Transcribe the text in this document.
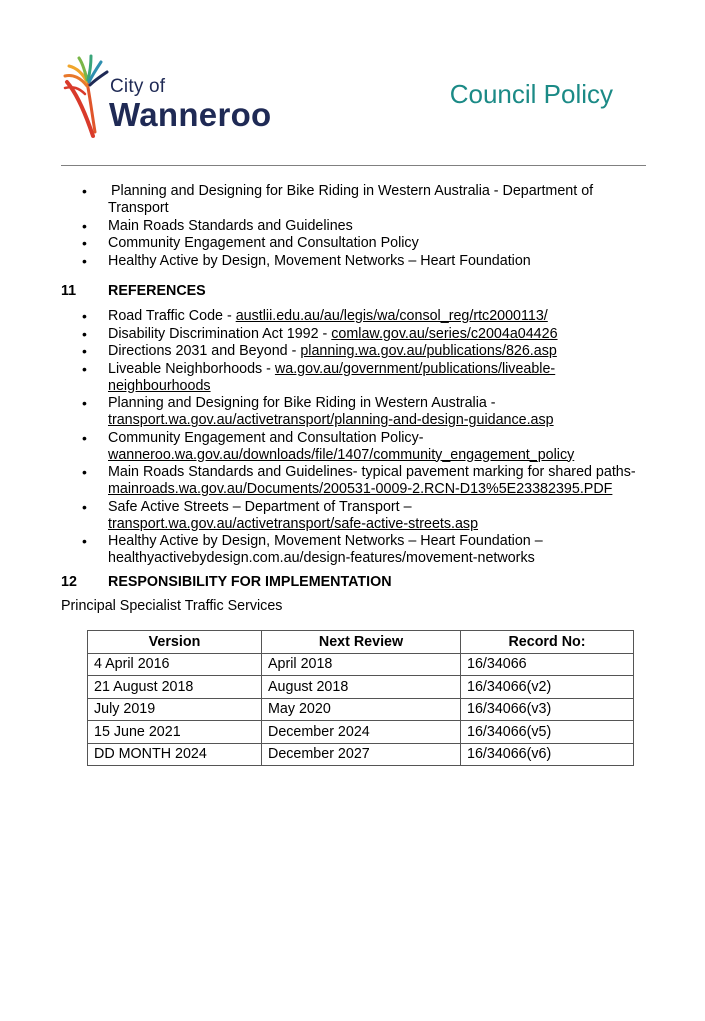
City of
Wanneroo
Council Policy
• Planning and Designing for Bike Riding in Western Australia - Department of Transport
• Main Roads Standards and Guidelines
• Community Engagement and Consultation Policy
• Healthy Active by Design, Movement Networks – Heart Foundation
11 REFERENCES
• Road Traffic Code - austlii.edu.au/au/legis/wa/consol_reg/rtc2000113/
• Disability Discrimination Act 1992 - comlaw.gov.au/series/c2004a04426
• Directions 2031 and Beyond - planning.wa.gov.au/publications/826.asp
• Liveable Neighborhoods - wa.gov.au/government/publications/liveable-neighbourhoods
• Planning and Designing for Bike Riding in Western Australia -
transport.wa.gov.au/activetransport/planning-and-design-guidance.asp
• Community Engagement and Consultation Policy-
wanneroo.wa.gov.au/downloads/file/1407/community_engagement_policy
• Main Roads Standards and Guidelines- typical pavement marking for shared paths-
mainroads.wa.gov.au/Documents/200531-0009-2.RCN-D13%5E23382395.PDF
• Safe Active Streets – Department of Transport –
transport.wa.gov.au/activetransport/safe-active-streets.asp
• Healthy Active by Design, Movement Networks – Heart Foundation – healthyactivebydesign.com.au/design-features/movement-networks
12 RESPONSIBILITY FOR IMPLEMENTATION
Principal Specialist Traffic Services
Version	Next Review	Record No:
4 April 2016	April 2018	16/34066
21 August 2018	August 2018	16/34066(v2)
July 2019	May 2020	16/34066(v3)
15 June 2021	December 2024	16/34066(v5)
DD MONTH 2024	December 2027	16/34066(v6)
